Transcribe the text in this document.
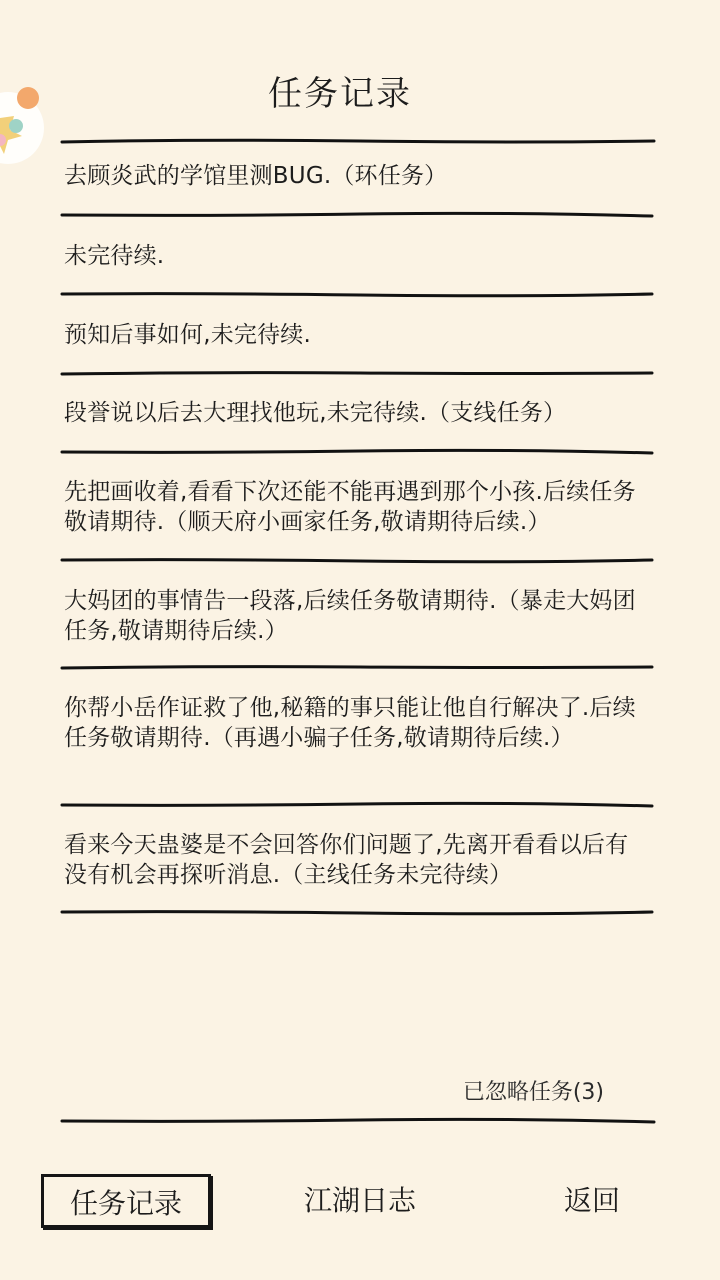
任务记录
去顾炎武的学馆里测BUG.（环任务）
未完待续.
预知后事如何,未完待续.
段誉说以后去大理找他玩,未完待续.（支线任务）
先把画收着,看看下次还能不能再遇到那个小孩.后续任务敬请期待.（顺天府小画家任务,敬请期待后续.）
大妈团的事情告一段落,后续任务敬请期待.（暴走大妈团任务,敬请期待后续.）
你帮小岳作证救了他,秘籍的事只能让他自行解决了.后续任务敬请期待.（再遇小骗子任务,敬请期待后续.）
看来今天蛊婆是不会回答你们问题了,先离开看看以后有没有机会再探听消息.（主线任务未完待续）
已忽略任务(3)
任务记录	江湖日志	返回
